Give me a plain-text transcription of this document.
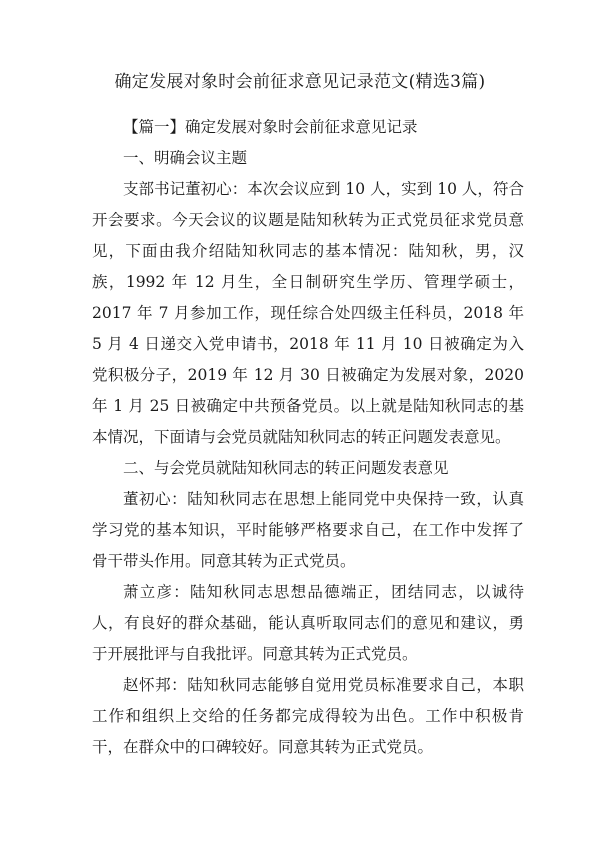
确定发展对象时会前征求意见记录范文(精选3篇)

【篇一】确定发展对象时会前征求意见记录

一、明确会议主题

支部书记董初心：本次会议应到 10 人，实到 10 人，符合开会要求。今天会议的议题是陆知秋转为正式党员征求党员意见，下面由我介绍陆知秋同志的基本情况：陆知秋，男，汉族，1992 年 12 月生，全日制研究生学历、管理学硕士，2017 年 7 月参加工作，现任综合处四级主任科员，2018 年 5 月 4 日递交入党申请书，2018 年 11 月 10 日被确定为入党积极分子，2019 年 12 月 30 日被确定为发展对象，2020 年 1 月 25 日被确定中共预备党员。以上就是陆知秋同志的基本情况，下面请与会党员就陆知秋同志的转正问题发表意见。

二、与会党员就陆知秋同志的转正问题发表意见

董初心：陆知秋同志在思想上能同党中央保持一致，认真学习党的基本知识，平时能够严格要求自己，在工作中发挥了骨干带头作用。同意其转为正式党员。

萧立彦：陆知秋同志思想品德端正，团结同志，以诚待人，有良好的群众基础，能认真听取同志们的意见和建议，勇于开展批评与自我批评。同意其转为正式党员。

赵怀邦：陆知秋同志能够自觉用党员标准要求自己，本职工作和组织上交给的任务都完成得较为出色。工作中积极肯干，在群众中的口碑较好。同意其转为正式党员。
